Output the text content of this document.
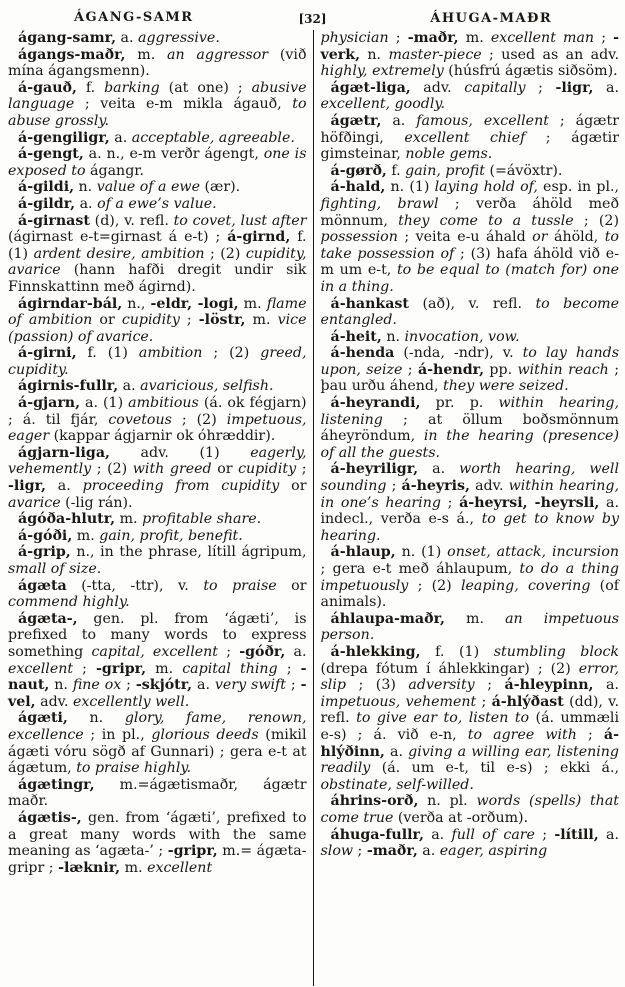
ÁGANG-SAMR	[32]	ÁHUGA-MAÐR

ágang-samr, a. aggressive.

ágangs-maðr, m. an aggressor (við mína ágangsmenn).

á-gauð, f. barking (at one) ; abusive language ; veita e-m mikla ágauð, to abuse grossly.

á-gengiligr, a. acceptable, agreeable.

á-gengt, a. n., e-m verðr ágengt, one is exposed to ágangr.

á-gildi, n. value of a ewe (ær).

á-gildr, a. of a ewe’s value.

á-girnast (d), v. refl. to covet, lust after (ágirnast e-t=girnast á e-t) ; á-girnd, f. (1) ardent desire, ambition ; (2) cupidity, avarice (hann hafði dregit undir sik Finnskattinn með ágirnd).

ágirndar-bál, n., -eldr, -logi, m. flame of ambition or cupidity ; -löstr, m. vice (passion) of avarice.

á-girni, f. (1) ambition ; (2) greed, cupidity.

ágirnis-fullr, a. avaricious, selfish.

á-gjarn, a. (1) ambitious (á. ok fégjarn) ; á. til fjár, covetous ; (2) impetuous, eager (kappar ágjarnir ok óhræddir).

ágjarn-liga, adv. (1) eagerly, vehemently ; (2) with greed or cupidity ; -ligr, a. proceeding from cupidity or avarice (-lig rán).

ágóða-hlutr, m. profitable share.

á-góði, m. gain, profit, benefit.

á-grip, n., in the phrase, lítill ágripum, small of size.

ágæta (-tta, -ttr), v. to praise or commend highly.

ágæta-, gen. pl. from ‘ágæti’, is prefixed to many words to express something capital, excellent ; -góðr, a. excellent ; -gripr, m. capital thing ; -naut, n. fine ox ; -skjótr, a. very swift ; -vel, adv. excellently well.

ágæti, n. glory, fame, renown, excellence ; in pl., glorious deeds (mikil ágæti vóru sögð af Gunnari) ; gera e-t at ágætum, to praise highly.

ágætingr, m.=ágætismaðr, ágætr maðr.

ágætis-, gen. from ‘ágæti’, prefixed to a great many words with the same meaning as ‘agæta-’ ; -gripr, m.= ágæta-gripr ; -læknir, m. excellent

physician ; -maðr, m. excellent man ; -verk, n. master-piece ; used as an adv. highly, extremely (húsfrú ágætis siðsöm).

ágæt-liga, adv. capitally ; -ligr, a. excellent, goodly.

ágætr, a. famous, excellent ; ágætr höfðingi, excellent chief ; ágætir gimsteinar, noble gems.

á-gørð, f. gain, profit (=ávöxtr).

á-hald, n. (1) laying hold of, esp. in pl., fighting, brawl ; verða áhöld með mönnum, they come to a tussle ; (2) possession ; veita e-u áhald or áhöld, to take possession of ; (3) hafa áhöld við e-m um e-t, to be equal to (match for) one in a thing.

á-hankast (að), v. refl. to become entangled.

á-heit, n. invocation, vow.

á-henda (-nda, -ndr), v. to lay hands upon, seize ; á-hendr, pp. within reach ; þau urðu áhend, they were seized.

á-heyrandi, pr. p. within hearing, listening ; at öllum boðsmönnum áheyröndum, in the hearing (presence) of all the guests.

á-heyriligr, a. worth hearing, well sounding ; á-heyris, adv. within hearing, in one’s hearing ; á-heyrsi, -heyrsli, a. indecl., verða e-s á., to get to know by hearing.

á-hlaup, n. (1) onset, attack, incursion ; gera e-t með áhlaupum, to do a thing impetuously ; (2) leaping, covering (of animals).

áhlaupa-maðr, m. an impetuous person.

á-hlekking, f. (1) stumbling block (drepa fótum í áhlekkingar) ; (2) error, slip ; (3) adversity ; á-hleypinn, a. impetuous, vehement ; á-hlýðast (dd), v. refl. to give ear to, listen to (á. ummæli e-s) ; á. við e-n, to agree with ; á-hlýðinn, a. giving a willing ear, listening readily (á. um e-t, til e-s) ; ekki á., obstinate, self-willed.

áhrins-orð, n. pl. words (spells) that come true (verða at -orðum).

áhuga-fullr, a. full of care ; -lítill, a. slow ; -maðr, a. eager, aspiring
